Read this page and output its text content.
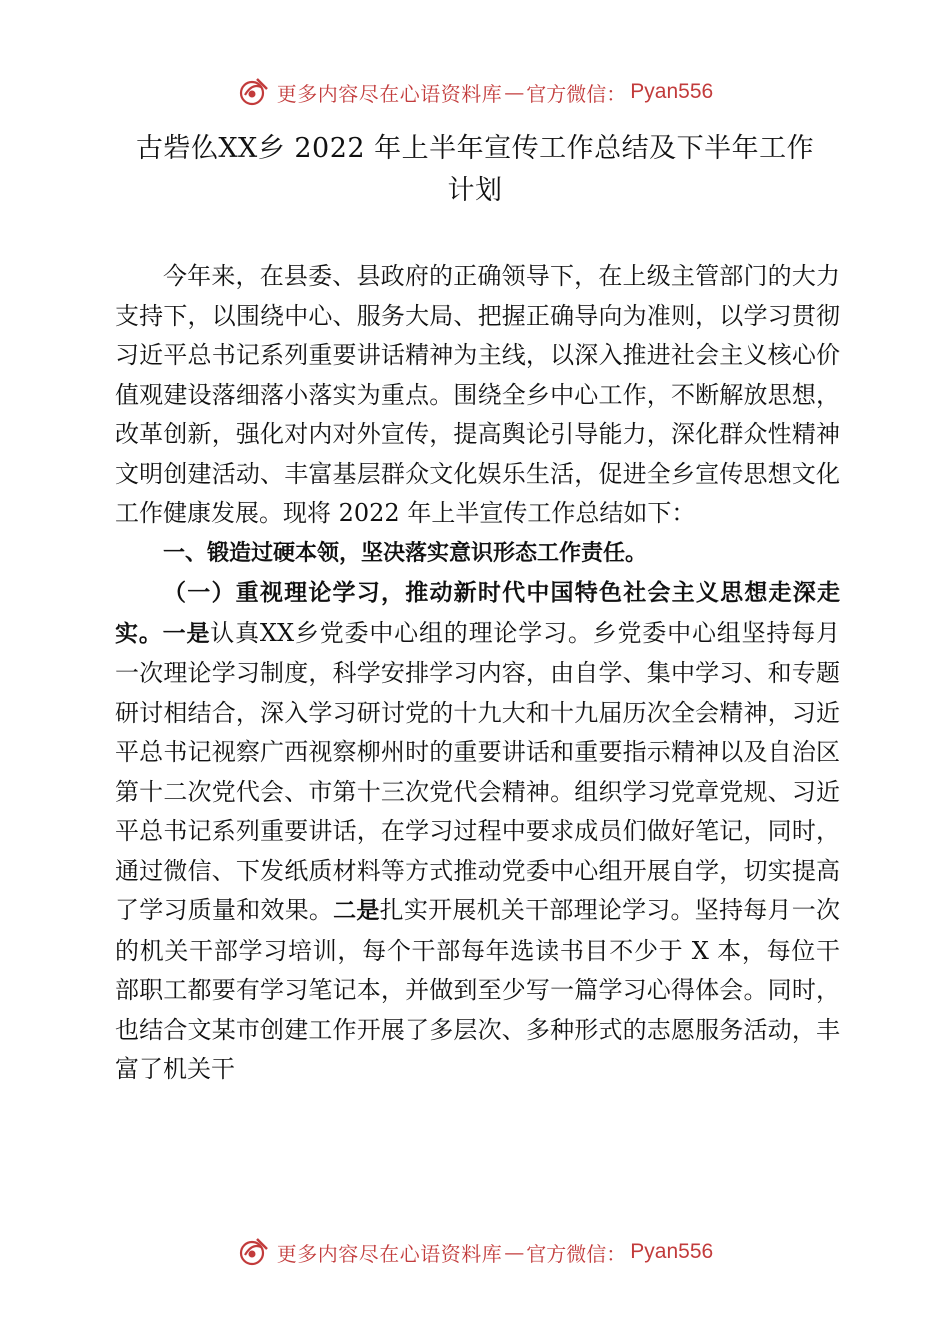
更多内容尽在心语资料库 — 官方微信： Pyan556
古砦仫XX乡 2022 年上半年宣传工作总结及下半年工作
计划

今年来，在县委、县政府的正确领导下，在上级主管部门的大力支持下，以围绕中心、服务大局、把握正确导向为准则，以学习贯彻习近平总书记系列重要讲话精神为主线，以深入推进社会主义核心价值观建设落细落小落实为重点。围绕全乡中心工作，不断解放思想，改革创新，强化对内对外宣传，提高舆论引导能力，深化群众性精神文明创建活动、丰富基层群众文化娱乐生活，促进全乡宣传思想文化工作健康发展。现将 2022 年上半宣传工作总结如下：

一、锻造过硬本领，坚决落实意识形态工作责任。

（一）重视理论学习，推动新时代中国特色社会主义思想走深走实。一是认真XX乡党委中心组的理论学习。乡党委中心组坚持每月一次理论学习制度，科学安排学习内容，由自学、集中学习、和专题研讨相结合，深入学习研讨党的十九大和十九届历次全会精神，习近平总书记视察广西视察柳州时的重要讲话和重要指示精神以及自治区第十二次党代会、市第十三次党代会精神。组织学习党章党规、习近平总书记系列重要讲话，在学习过程中要求成员们做好笔记，同时，通过微信、下发纸质材料等方式推动党委中心组开展自学，切实提高了学习质量和效果。二是扎实开展机关干部理论学习。坚持每月一次的机关干部学习培训，每个干部每年选读书目不少于 X 本，每位干部职工都要有学习笔记本，并做到至少写一篇学习心得体会。同时，也结合文某市创建工作开展了多层次、多种形式的志愿服务活动，丰富了机关干

更多内容尽在心语资料库 — 官方微信： Pyan556
